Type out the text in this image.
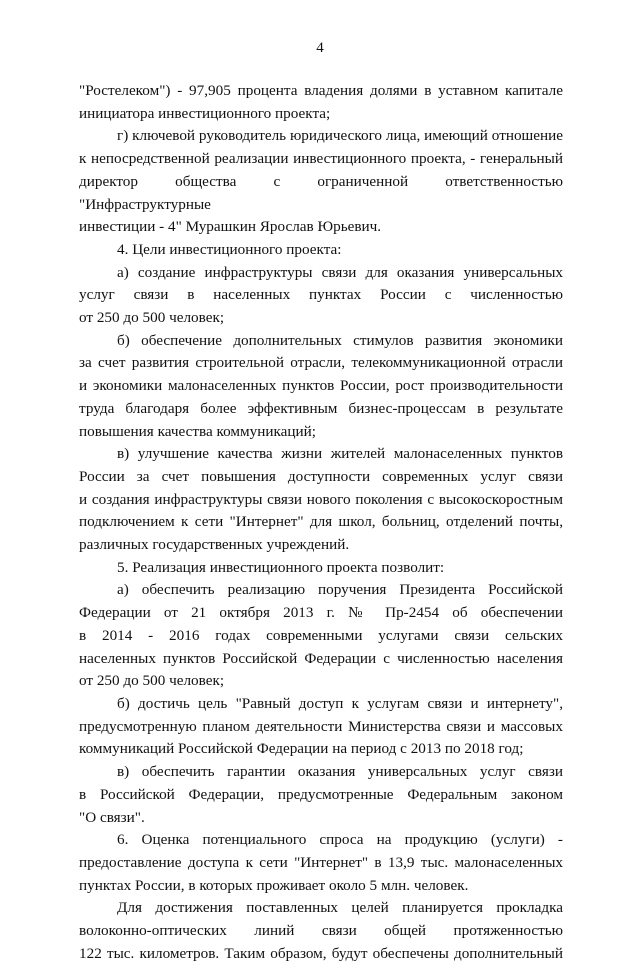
4

"Ростелеком") - 97,905 процента владения долями в уставном капитале

инициатора инвестиционного проекта;

г) ключевой руководитель юридического лица, имеющий отношение

к непосредственной реализации инвестиционного проекта, - генеральный

директор общества с ограниченной ответственностью "Инфраструктурные

инвестиции - 4" Мурашкин Ярослав Юрьевич.

4. Цели инвестиционного проекта:

а) создание инфраструктуры связи для оказания универсальных

услуг связи в населенных пунктах России с численностью

от 250 до 500 человек;

б) обеспечение дополнительных стимулов развития экономики

за счет развития строительной отрасли, телекоммуникационной отрасли

и экономики малонаселенных пунктов России, рост производительности

труда благодаря более эффективным бизнес-процессам в результате

повышения качества коммуникаций;

в) улучшение качества жизни жителей малонаселенных пунктов

России за счет повышения доступности современных услуг связи

и создания инфраструктуры связи нового поколения с высокоскоростным

подключением к сети "Интернет" для школ, больниц, отделений почты,

различных государственных учреждений.

5. Реализация инвестиционного проекта позволит:

а) обеспечить реализацию поручения Президента Российской

Федерации от 21 октября 2013 г. № Пр-2454 об обеспечении

в 2014 - 2016 годах современными услугами связи сельских

населенных пунктов Российской Федерации с численностью населения

от 250 до 500 человек;

б) достичь цель "Равный доступ к услугам связи и интернету",

предусмотренную планом деятельности Министерства связи и массовых

коммуникаций Российской Федерации на период с 2013 по 2018 год;

в) обеспечить гарантии оказания универсальных услуг связи

в Российской Федерации, предусмотренные Федеральным законом

"О связи".

6. Оценка потенциального спроса на продукцию (услуги) -

предоставление доступа к сети "Интернет" в 13,9 тыс. малонаселенных

пунктах России, в которых проживает около 5 млн. человек.

Для достижения поставленных целей планируется прокладка

волоконно-оптических линий связи общей протяженностью

122 тыс. километров. Таким образом, будут обеспечены дополнительный
